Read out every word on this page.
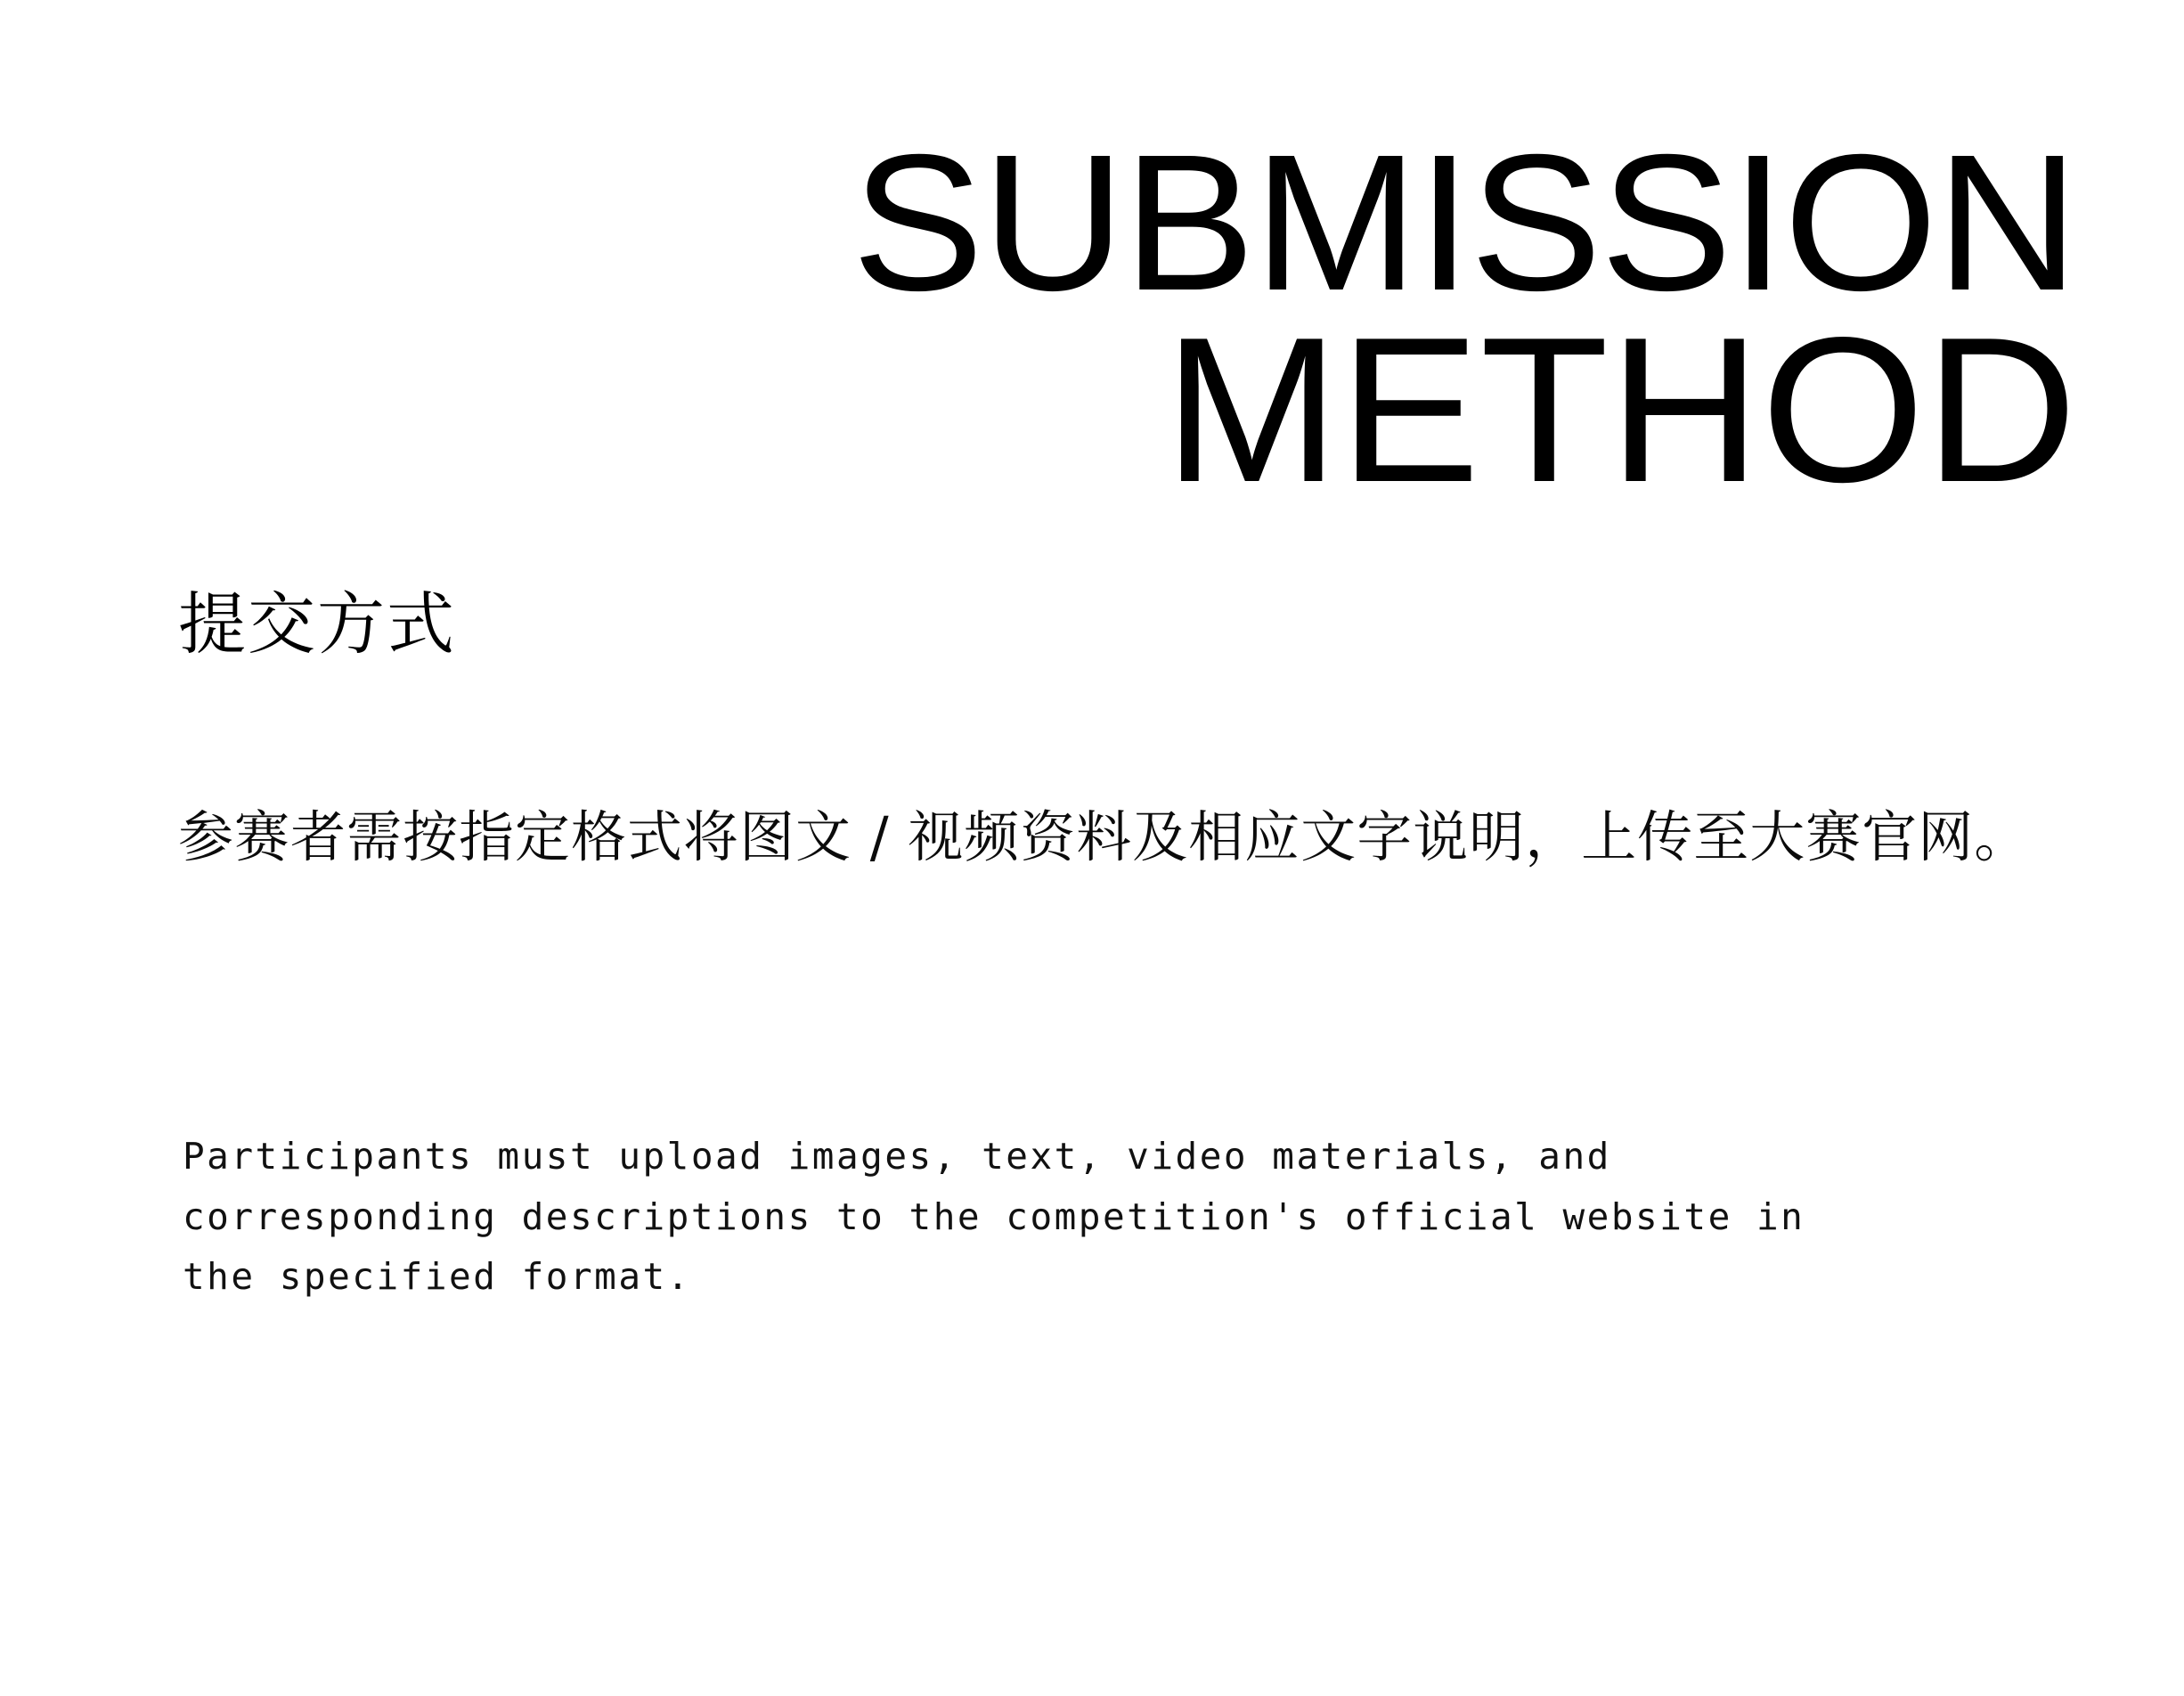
SUBMISSION
METHOD
提交方式
参赛者需按指定格式将图文 / 视频资料及相应文字说明，上传至大赛官网。
Participants must upload images, text, video materials, and corresponding descriptions to the competition's official website in the specified format.
